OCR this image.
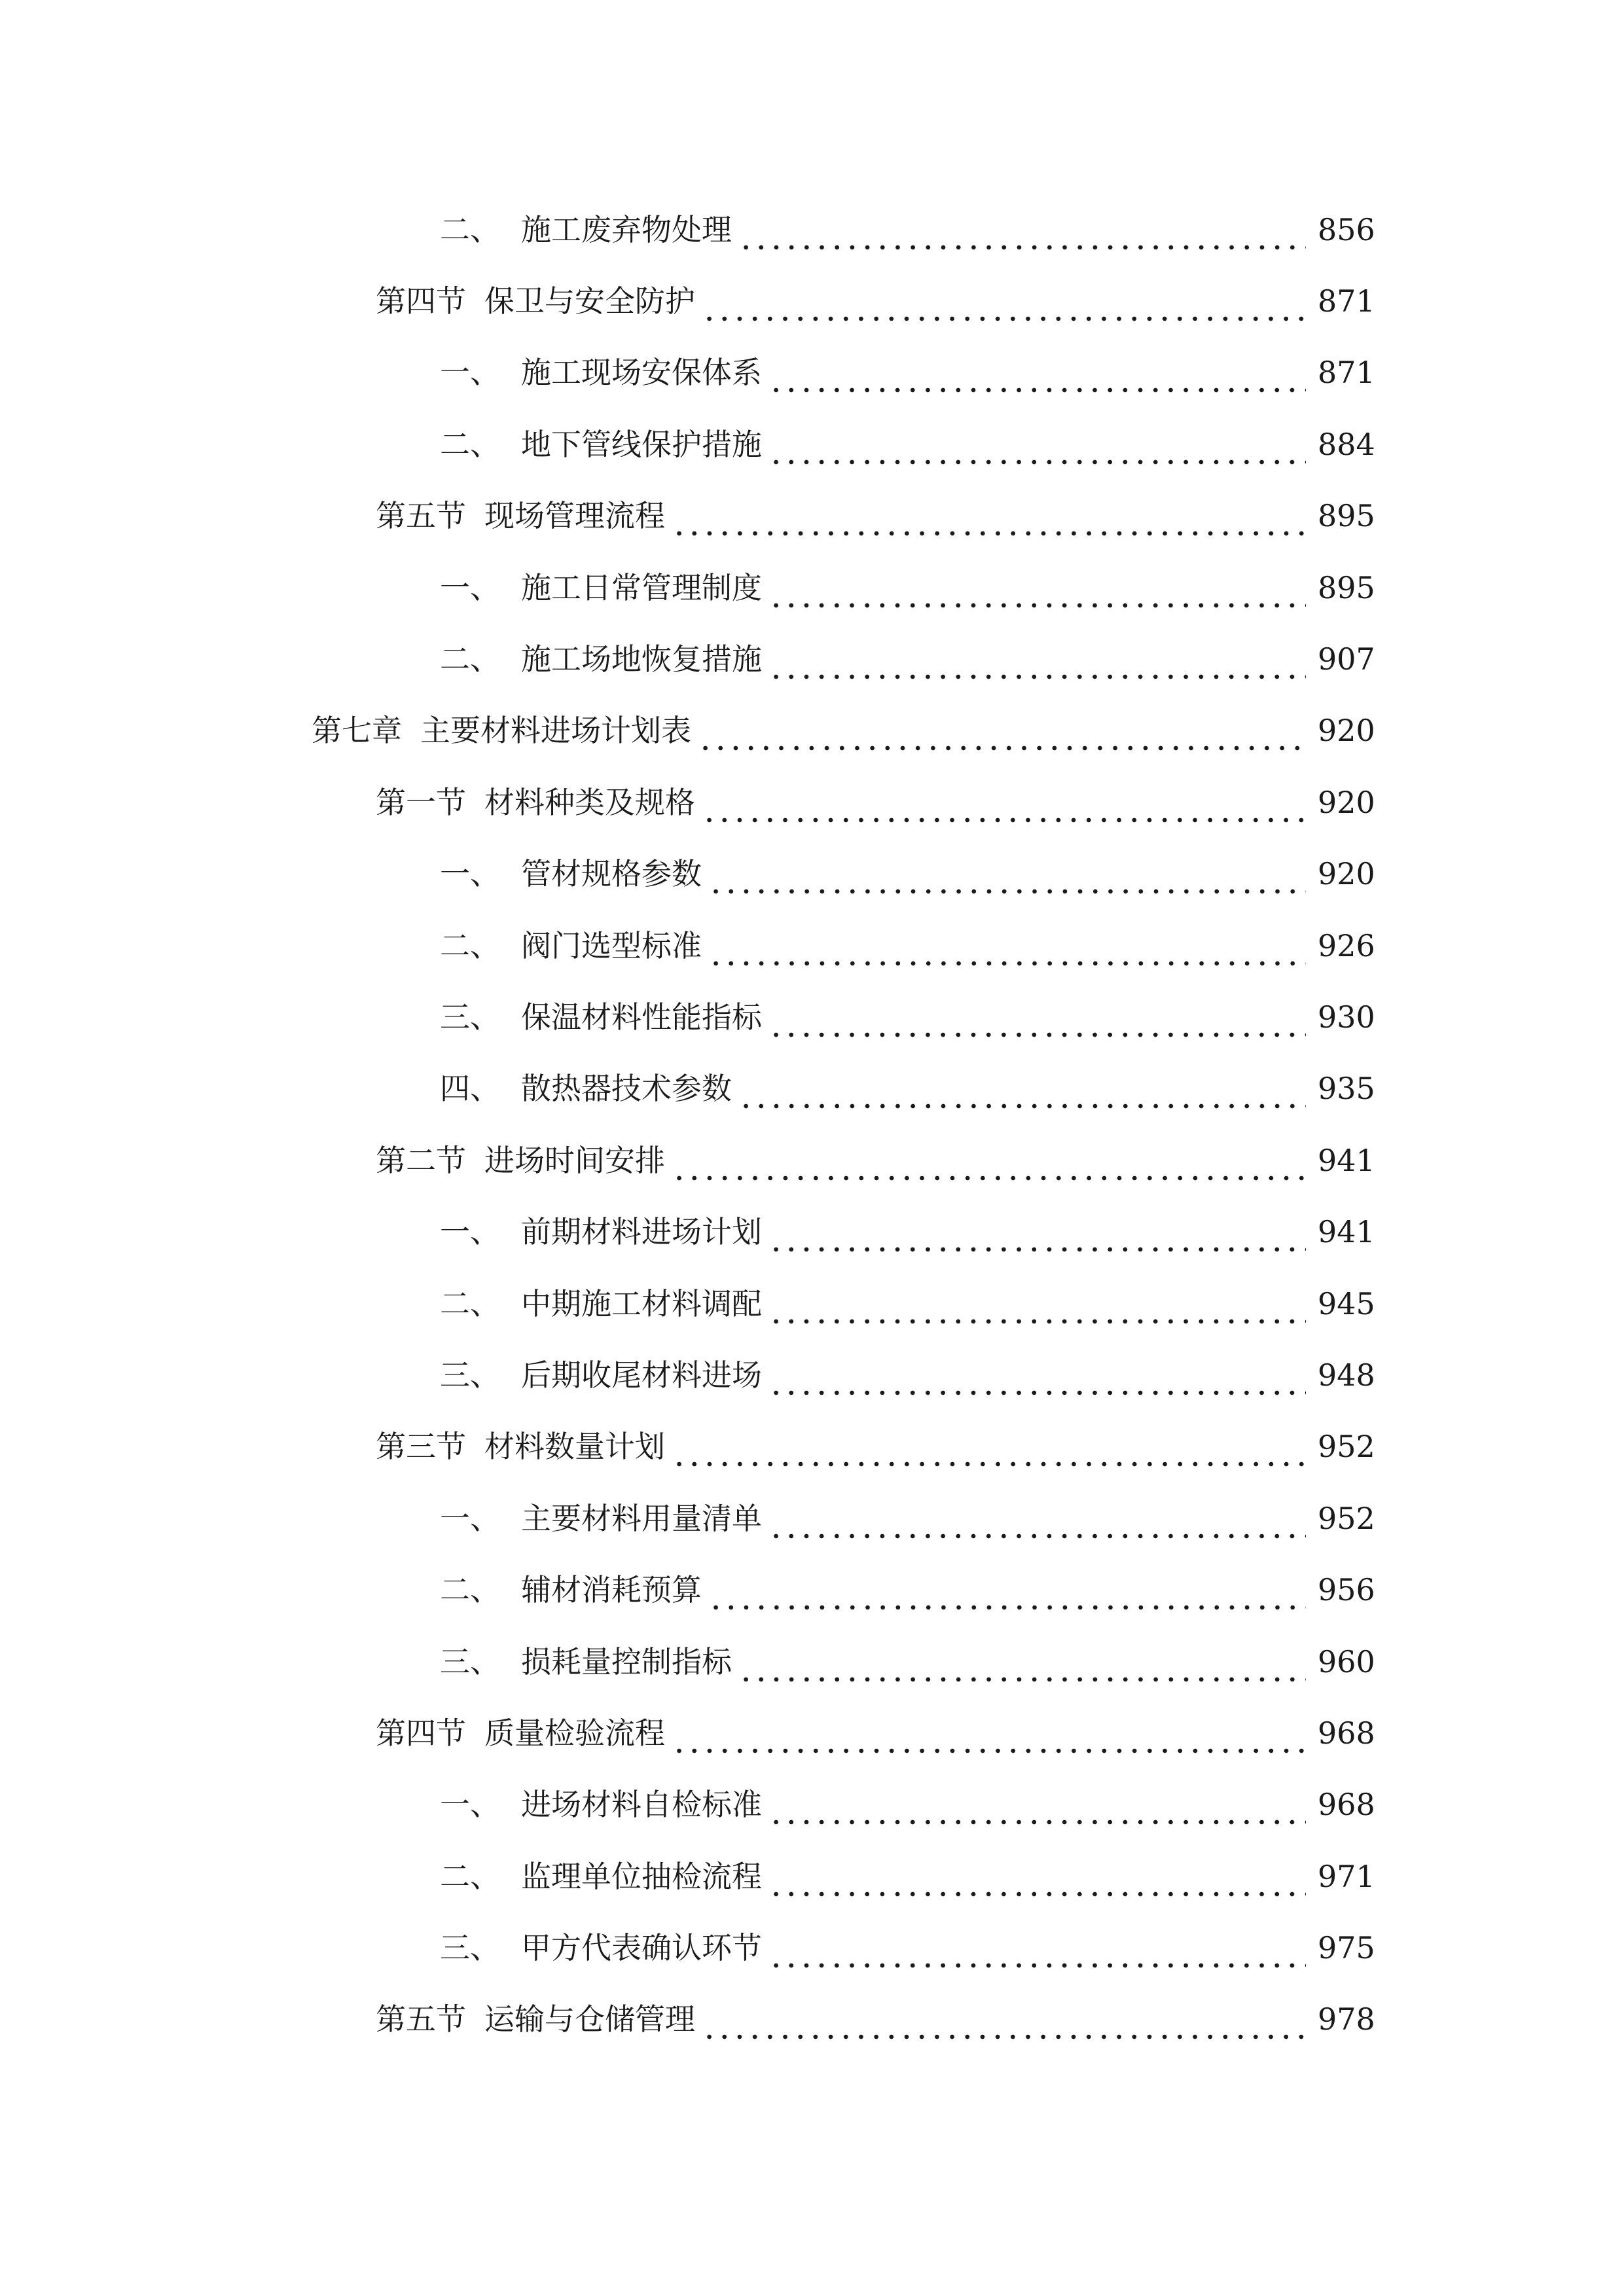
二、 施工废弃物处理	856
第四节 保卫与安全防护	871
一、 施工现场安保体系	871
二、 地下管线保护措施	884
第五节 现场管理流程	895
一、 施工日常管理制度	895
二、 施工场地恢复措施	907
第七章 主要材料进场计划表	920
第一节 材料种类及规格	920
一、 管材规格参数	920
二、 阀门选型标准	926
三、 保温材料性能指标	930
四、 散热器技术参数	935
第二节 进场时间安排	941
一、 前期材料进场计划	941
二、 中期施工材料调配	945
三、 后期收尾材料进场	948
第三节 材料数量计划	952
一、 主要材料用量清单	952
二、 辅材消耗预算	956
三、 损耗量控制指标	960
第四节 质量检验流程	968
一、 进场材料自检标准	968
二、 监理单位抽检流程	971
三、 甲方代表确认环节	975
第五节 运输与仓储管理	978
